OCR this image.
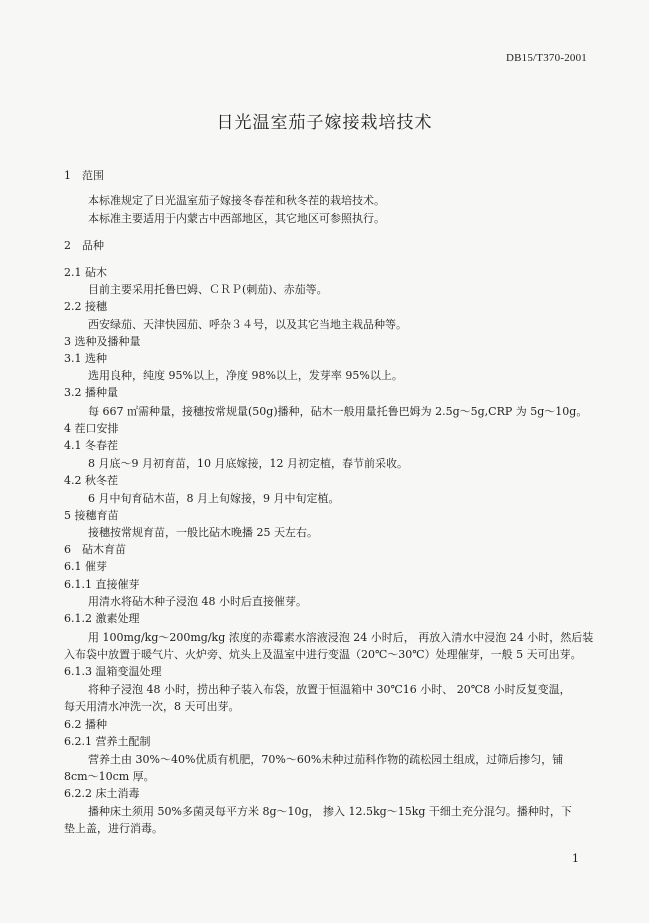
DB15/T370-2001
日光温室茄子嫁接栽培技术
1　范围
本标准规定了日光温室茄子嫁接冬春茬和秋冬茬的栽培技术。
本标准主要适用于内蒙古中西部地区，其它地区可参照执行。
2　品种
2.1 砧木
目前主要采用托鲁巴姆、ＣＲＰ(刺茄)、赤茄等。
2.2 接穗
西安绿茄、天津快园茄、呼杂３４号，以及其它当地主栽品种等。
3 选种及播种量
3.1 选种
选用良种，纯度 95%以上，净度 98%以上，发芽率 95%以上。
3.2 播种量
每 667 ㎡需种量，接穗按常规量(50g)播种，砧木一般用量托鲁巴姆为 2.5g～5g,CRP 为 5g～10g。
4 茬口安排
4.1 冬春茬
8 月底～9 月初育苗，10 月底嫁接，12 月初定植，春节前采收。
4.2 秋冬茬
6 月中旬育砧木苗，8 月上旬嫁接，9 月中旬定植。
5 接穗育苗
接穗按常规育苗，一般比砧木晚播 25 天左右。
6　砧木育苗
6.1 催芽
6.1.1 直接催芽
用清水将砧木种子浸泡 48 小时后直接催芽。
6.1.2 激素处理
用 100mg/kg～200mg/kg 浓度的赤霉素水溶液浸泡 24 小时后， 再放入清水中浸泡 24 小时，然后装
入布袋中放置于暖气片、火炉旁、炕头上及温室中进行变温（20℃～30℃）处理催芽，一般 5 天可出芽。
6.1.3 温箱变温处理
将种子浸泡 48 小时，捞出种子装入布袋，放置于恒温箱中 30℃16 小时、 20℃8 小时反复变温，
每天用清水冲洗一次，8 天可出芽。
6.2 播种
6.2.1 营养土配制
营养土由 30%～40%优质有机肥，70%～60%未种过茄科作物的疏松园土组成，过筛后掺匀，铺
8cm～10cm 厚。
6.2.2 床土消毒
播种床土须用 50%多菌灵每平方米 8g～10g， 掺入 12.5kg～15kg 干细土充分混匀。播种时，下
垫上盖，进行消毒。
1
